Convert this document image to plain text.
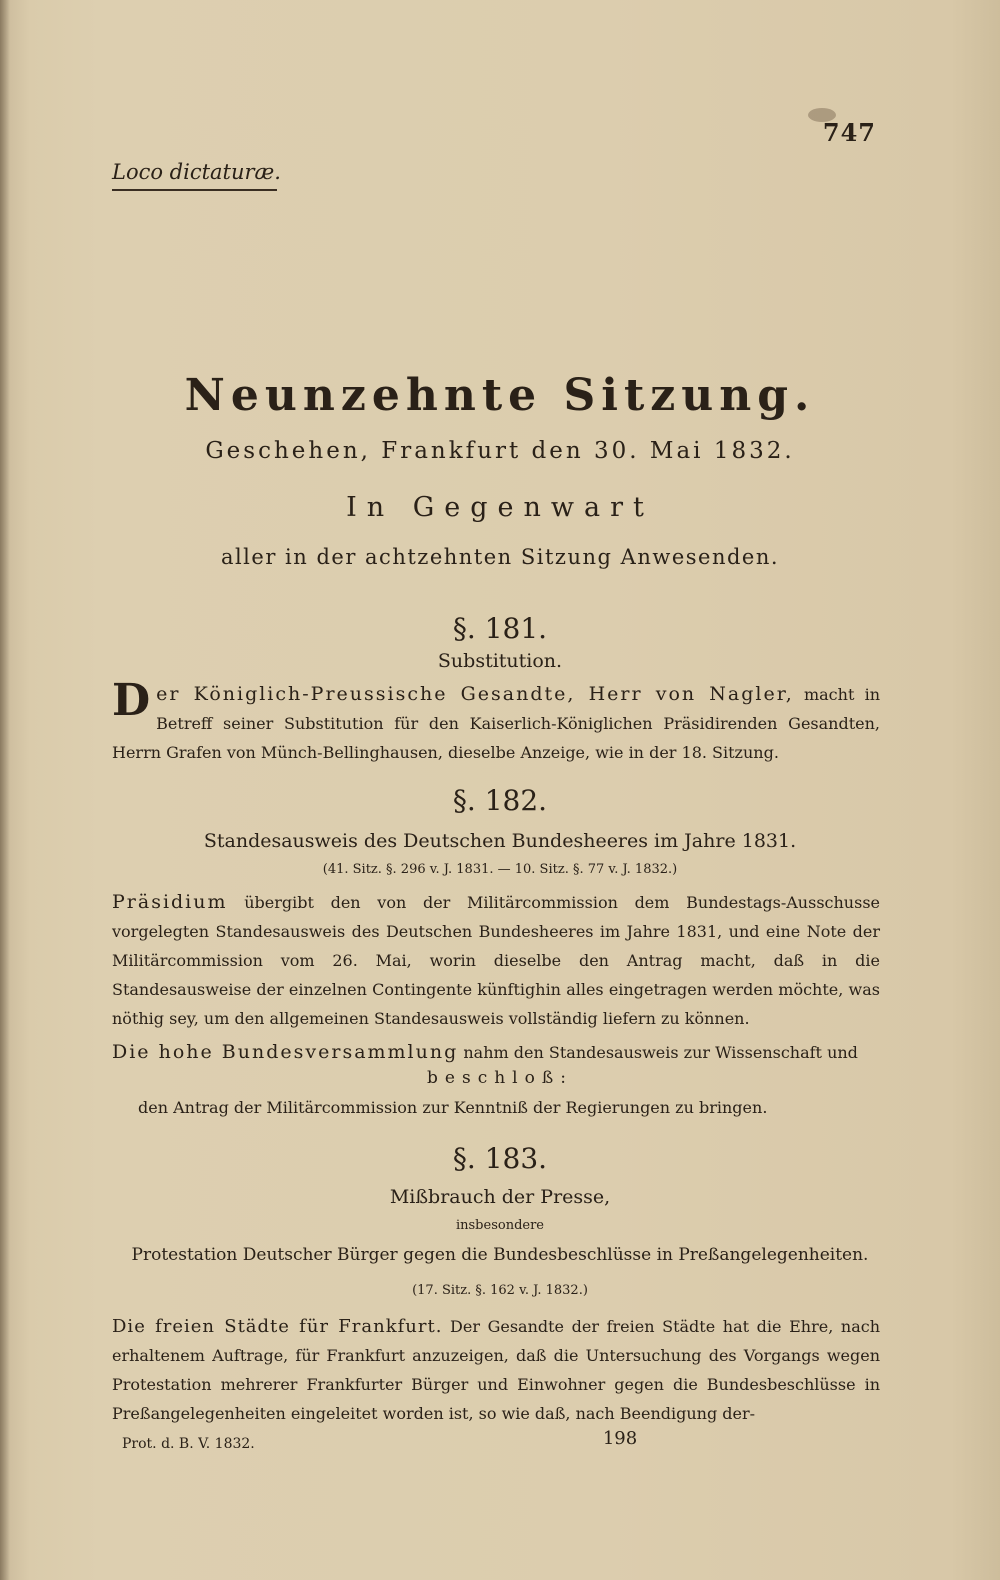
747
Loco dictaturæ.
Neunzehnte Sitzung.
Geschehen, Frankfurt den 30. Mai 1832.
In Gegenwart
aller in der achtzehnten Sitzung Anwesenden.
§. 181.
Substitution.
Der Königlich-Preussische Gesandte, Herr von Nagler, macht in Betreff seiner Substitution für den Kaiserlich-Königlichen Präsidirenden Gesandten, Herrn Grafen von Münch-Bellinghausen, dieselbe Anzeige, wie in der 18. Sitzung.
§. 182.
Standesausweis des Deutschen Bundesheeres im Jahre 1831.
(41. Sitz. §. 296 v. J. 1831. — 10. Sitz. §. 77 v. J. 1832.)
Präsidium übergibt den von der Militärcommission dem Bundestags-Ausschusse vorgelegten Standesausweis des Deutschen Bundesheeres im Jahre 1831, und eine Note der Militärcommission vom 26. Mai, worin dieselbe den Antrag macht, daß in die Standesausweise der einzelnen Contingente künftighin alles eingetragen werden möchte, was nöthig sey, um den allgemeinen Standesausweis vollständig liefern zu können.
Die hohe Bundesversammlung nahm den Standesausweis zur Wissenschaft und
beschloß:
den Antrag der Militärcommission zur Kenntniß der Regierungen zu bringen.
§. 183.
Mißbrauch der Presse,
insbesondere
Protestation Deutscher Bürger gegen die Bundesbeschlüsse in Preßangelegenheiten.
(17. Sitz. §. 162 v. J. 1832.)
Die freien Städte für Frankfurt. Der Gesandte der freien Städte hat die Ehre, nach erhaltenem Auftrage, für Frankfurt anzuzeigen, daß die Untersuchung des Vorgangs wegen Protestation mehrerer Frankfurter Bürger und Einwohner gegen die Bundesbeschlüsse in Preßangelegenheiten eingeleitet worden ist, so wie daß, nach Beendigung der-
Prot. d. B. V. 1832.	198
